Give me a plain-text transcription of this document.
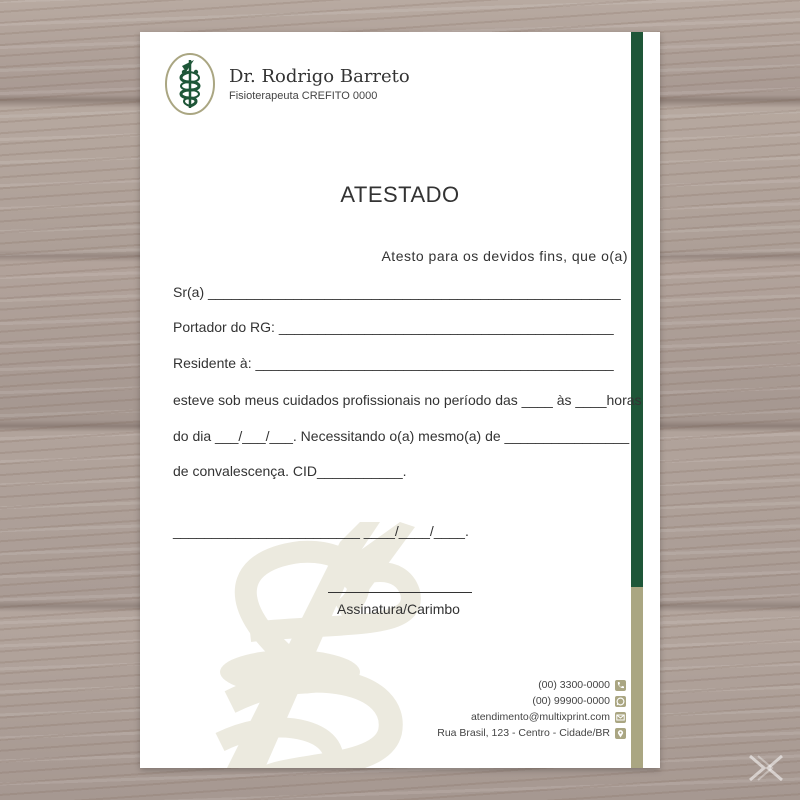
Dr. Rodrigo Barreto
Fisioterapeuta CREFITO 0000
ATESTADO
Atesto para os devidos fins, que o(a)
Sr(a) _____________________________________________________
Portador do RG: ___________________________________________
Residente à: ______________________________________________
esteve sob meus cuidados profissionais no período das ____ às ____horas
do dia ___/___/___. Necessitando o(a) mesmo(a) de ________________
de convalescença. CID___________.
________________________ ____/____/____.
Assinatura/Carimbo
(00) 3300-0000
(00) 99900-0000
atendimento@multixprint.com
Rua Brasil, 123 - Centro - Cidade/BR
